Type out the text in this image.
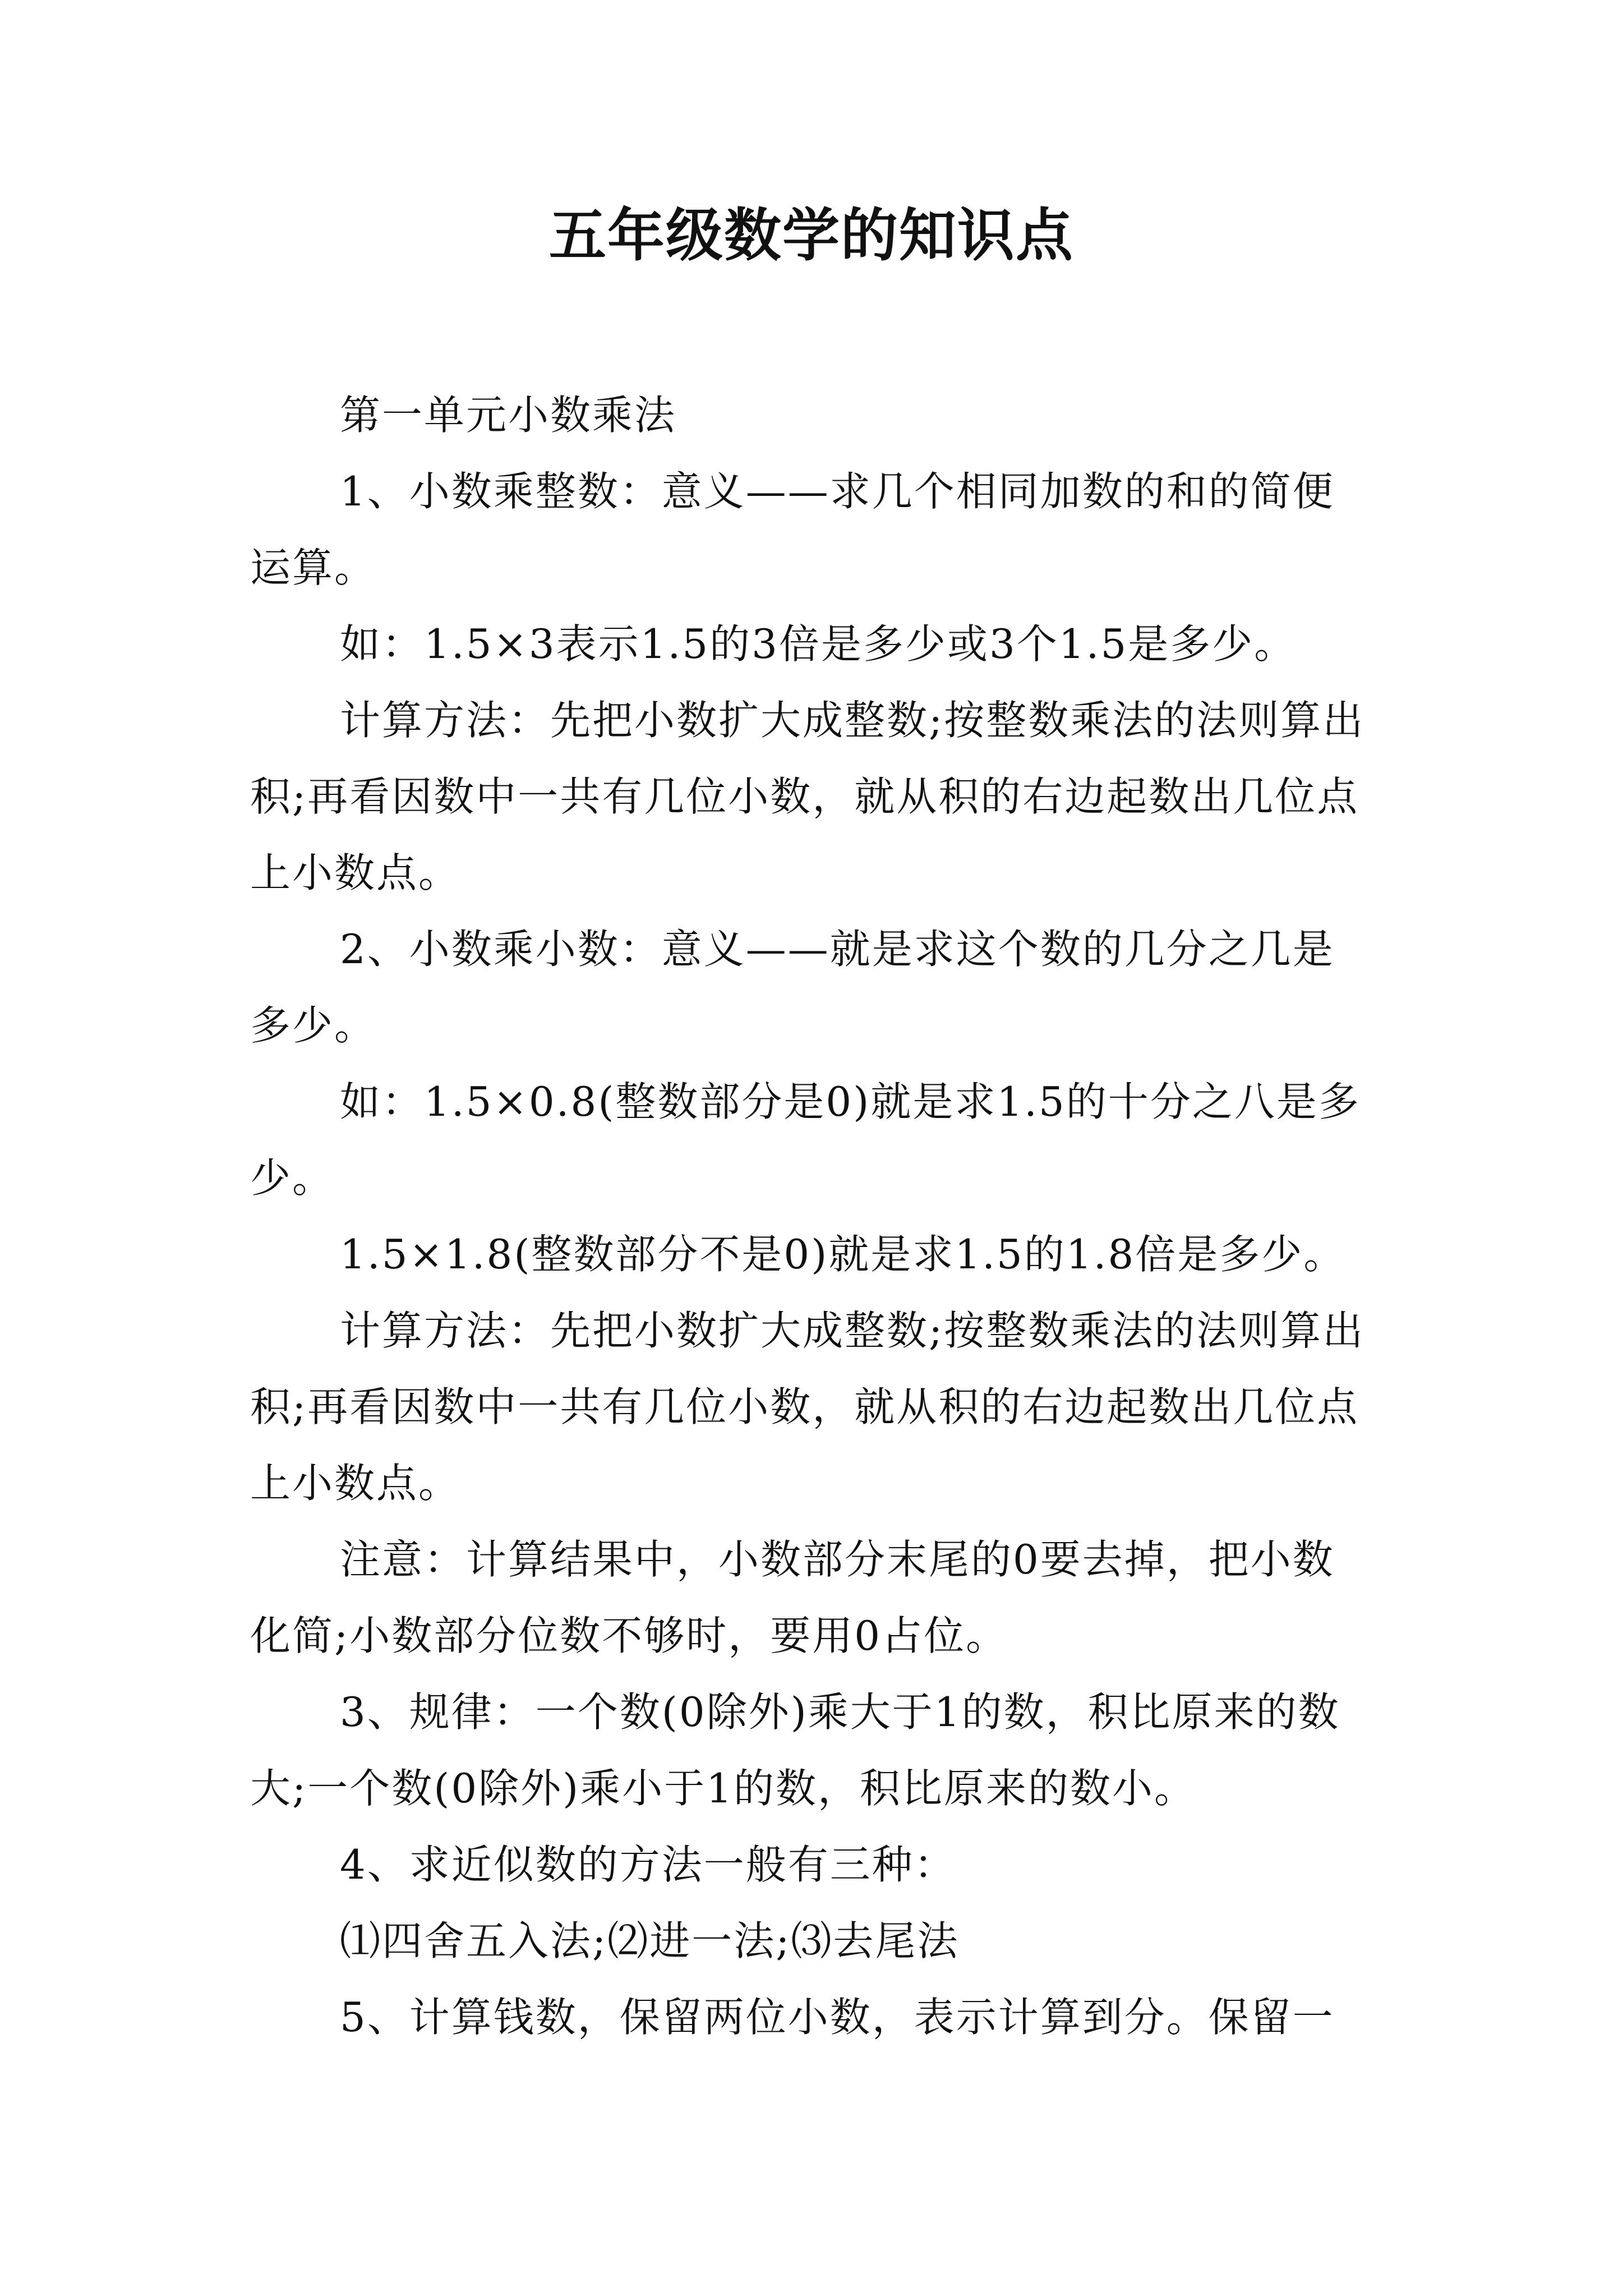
五年级数学的知识点

第一单元小数乘法

1、小数乘整数：意义——求几个相同加数的和的简便运算。

如：1.5×3表示1.5的3倍是多少或3个1.5是多少。

计算方法：先把小数扩大成整数;按整数乘法的法则算出积;再看因数中一共有几位小数，就从积的右边起数出几位点上小数点。

2、小数乘小数：意义——就是求这个数的几分之几是多少。

如：1.5×0.8(整数部分是0)就是求1.5的十分之八是多少。

1.5×1.8(整数部分不是0)就是求1.5的1.8倍是多少。

计算方法：先把小数扩大成整数;按整数乘法的法则算出积;再看因数中一共有几位小数，就从积的右边起数出几位点上小数点。

注意：计算结果中，小数部分末尾的0要去掉，把小数化简;小数部分位数不够时，要用0占位。

3、规律：一个数(0除外)乘大于1的数，积比原来的数大;一个数(0除外)乘小于1的数，积比原来的数小。

4、求近似数的方法一般有三种：

⑴四舍五入法;⑵进一法;⑶去尾法

5、计算钱数，保留两位小数，表示计算到分。保留一
